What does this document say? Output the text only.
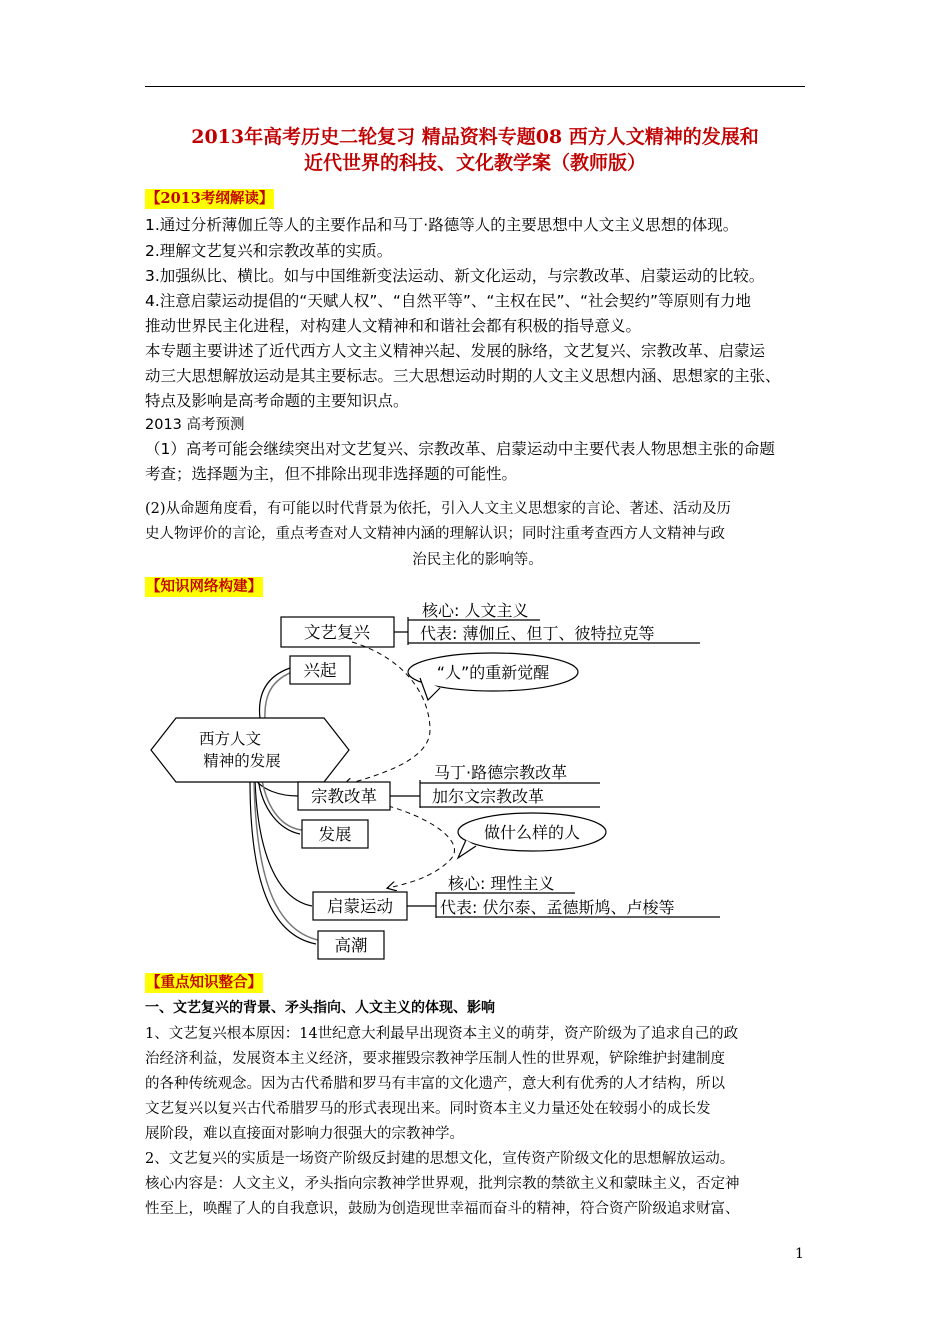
2013年高考历史二轮复习 精品资料专题08 西方人文精神的发展和
近代世界的科技、文化教学案（教师版）
【2013考纲解读】
1.通过分析薄伽丘等人的主要作品和马丁·路德等人的主要思想中人文主义思想的体现。
2.理解文艺复兴和宗教改革的实质。
3.加强纵比、横比。如与中国维新变法运动、新文化运动，与宗教改革、启蒙运动的比较。
4.注意启蒙运动提倡的“天赋人权”、“自然平等”、“主权在民”、“社会契约”等原则有力地
推动世界民主化进程，对构建人文精神和和谐社会都有积极的指导意义。
本专题主要讲述了近代西方人文主义精神兴起、发展的脉络，文艺复兴、宗教改革、启蒙运
动三大思想解放运动是其主要标志。三大思想运动时期的人文主义思想内涵、思想家的主张、
特点及影响是高考命题的主要知识点。
2013 高考预测
（1）高考可能会继续突出对文艺复兴、宗教改革、启蒙运动中主要代表人物思想主张的命题
考查；选择题为主，但不排除出现非选择题的可能性。
(2)从命题角度看，有可能以时代背景为依托，引入人文主义思想家的言论、著述、活动及历
史人物评价的言论，重点考查对人文精神内涵的理解认识；同时注重考查西方人文精神与政
治民主化的影响等。
【知识网络构建】
西方人文
精神的发展
文艺复兴
兴起
核心: 人文主义
代表: 薄伽丘、但丁、彼特拉克等
“人”的重新觉醒
宗教改革
马丁·路德宗教改革
加尔文宗教改革
发展	做什么样的人
启蒙运动
核心: 理性主义
代表: 伏尔泰、孟德斯鸠、卢梭等
高潮
【重点知识整合】
一、文艺复兴的背景、矛头指向、人文主义的体现、影响
1、文艺复兴根本原因：14世纪意大利最早出现资本主义的萌芽，资产阶级为了追求自己的政
治经济利益，发展资本主义经济，要求摧毁宗教神学压制人性的世界观，铲除维护封建制度
的各种传统观念。因为古代希腊和罗马有丰富的文化遗产，意大利有优秀的人才结构，所以
文艺复兴以复兴古代希腊罗马的形式表现出来。同时资本主义力量还处在较弱小的成长发
展阶段，难以直接面对影响力很强大的宗教神学。
2、文艺复兴的实质是一场资产阶级反封建的思想文化，宣传资产阶级文化的思想解放运动。
核心内容是：人文主义，矛头指向宗教神学世界观，批判宗教的禁欲主义和蒙昧主义，否定神
性至上，唤醒了人的自我意识，鼓励为创造现世幸福而奋斗的精神，符合资产阶级追求财富、
1
